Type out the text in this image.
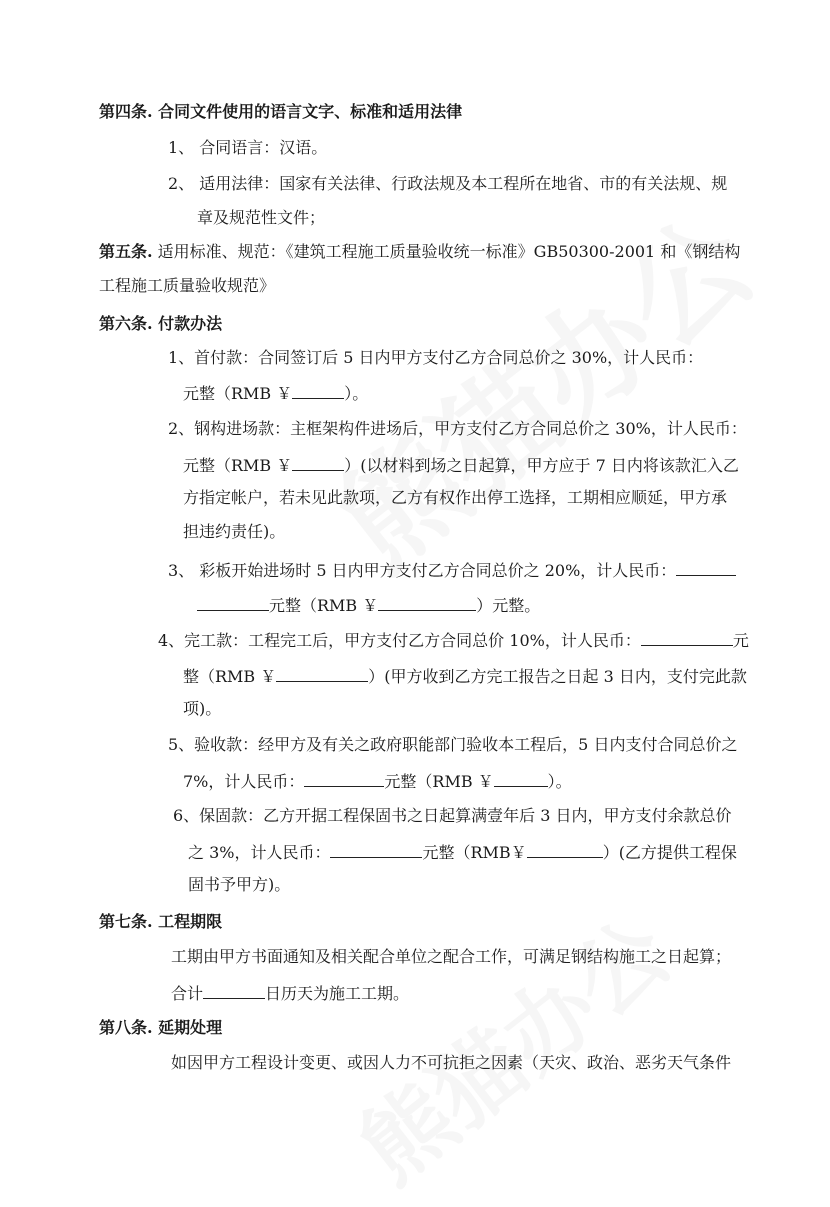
第四条. 合同文件使用的语言文字、标准和适用法律
1、 合同语言：汉语。
2、 适用法律：国家有关法律、行政法规及本工程所在地省、市的有关法规、规
章及规范性文件；
第五条. 适用标准、规范：《建筑工程施工质量验收统一标准》GB50300-2001 和《钢结构
工程施工质量验收规范》
第六条. 付款办法
1、首付款：合同签订后 5 日内甲方支付乙方合同总价之 30%，计人民币：
元整（RMB ￥	）。
2、钢构进场款：主框架构件进场后，甲方支付乙方合同总价之 30%，计人民币：
元整（RMB ￥	）(以材料到场之日起算，甲方应于 7 日内将该款汇入乙
方指定帐户，若未见此款项，乙方有权作出停工选择，工期相应顺延，甲方承
担违约责任)。
3、 彩板开始进场时 5 日内甲方支付乙方合同总价之 20%，计人民币：
元整（RMB ￥	）元整。
4、完工款：工程完工后，甲方支付乙方合同总价 10%，计人民币：	元
整（RMB ￥	）(甲方收到乙方完工报告之日起 3 日内，支付完此款
项)。
5、验收款：经甲方及有关之政府职能部门验收本工程后，5 日内支付合同总价之
7%，计人民币：	元整（RMB ￥	）。
6、保固款：乙方开据工程保固书之日起算满壹年后 3 日内，甲方支付余款总价
之 3%，计人民币：	元整（RMB￥	）(乙方提供工程保
固书予甲方)。
第七条. 工程期限
工期由甲方书面通知及相关配合单位之配合工作，可满足钢结构施工之日起算；
合计	日历天为施工工期。
第八条. 延期处理
如因甲方工程设计变更、或因人力不可抗拒之因素（天灾、政治、恶劣天气条件
